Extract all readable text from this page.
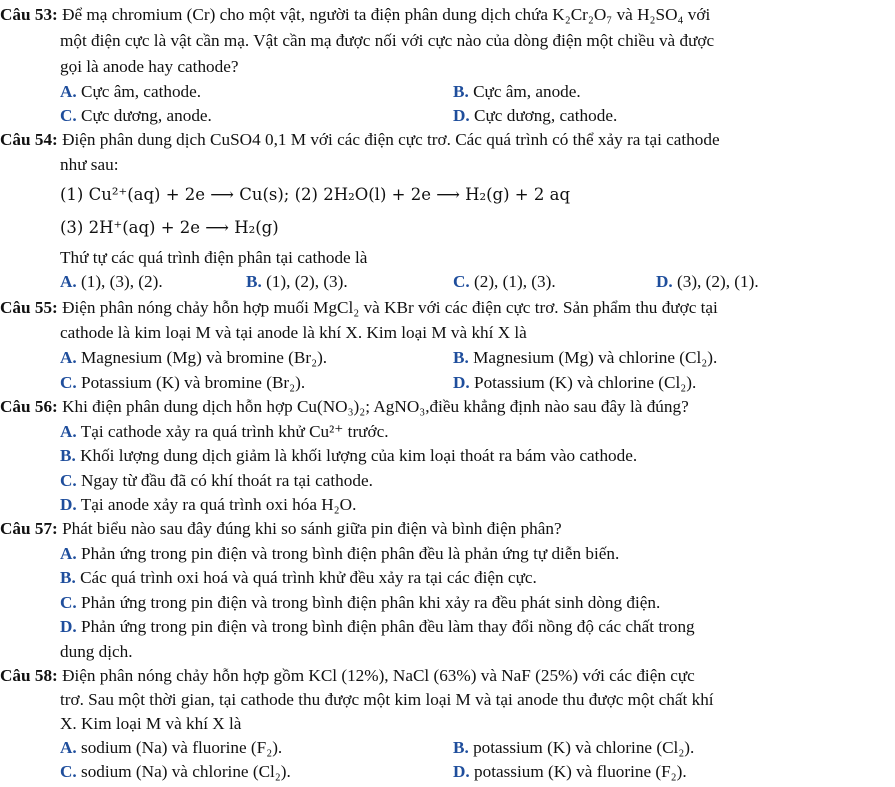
Câu 53: Để mạ chromium (Cr) cho một vật, người ta điện phân dung dịch chứa K₂Cr₂O₇ và H₂SO₄ với
một điện cực là vật cần mạ. Vật cần mạ được nối với cực nào của dòng điện một chiều và được
gọi là anode hay cathode?
A. Cực âm, cathode.	B. Cực âm, anode.
C. Cực dương, anode.	D. Cực dương, cathode.
Câu 54: Điện phân dung dịch CuSO4 0,1 M với các điện cực trơ. Các quá trình có thể xảy ra tại cathode
như sau:
(1) Cu²⁺(aq) + 2e ⟶ Cu(s); (2) 2H₂O(l) + 2e ⟶ H₂(g) + 2 aq
(3) 2H⁺(aq) + 2e ⟶ H₂(g)
Thứ tự các quá trình điện phân tại cathode là
A. (1), (3), (2).	B. (1), (2), (3).	C. (2), (1), (3).	D. (3), (2), (1).
Câu 55: Điện phân nóng chảy hỗn hợp muối MgCl₂ và KBr với các điện cực trơ. Sản phẩm thu được tại
cathode là kim loại M và tại anode là khí X. Kim loại M và khí X là
A. Magnesium (Mg) và bromine (Br₂).	B. Magnesium (Mg) và chlorine (Cl₂).
C. Potassium (K) và bromine (Br₂).	D. Potassium (K) và chlorine (Cl₂).
Câu 56: Khi điện phân dung dịch hỗn hợp Cu(NO₃)₂; AgNO₃,điều khẳng định nào sau đây là đúng?
A. Tại cathode xảy ra quá trình khử Cu²⁺ trước.
B. Khối lượng dung dịch giảm là khối lượng của kim loại thoát ra bám vào cathode.
C. Ngay từ đầu đã có khí thoát ra tại cathode.
D. Tại anode xảy ra quá trình oxi hóa H₂O.
Câu 57: Phát biểu nào sau đây đúng khi so sánh giữa pin điện và bình điện phân?
A. Phản ứng trong pin điện và trong bình điện phân đều là phản ứng tự diễn biến.
B. Các quá trình oxi hoá và quá trình khử đều xảy ra tại các điện cực.
C. Phản ứng trong pin điện và trong bình điện phân khi xảy ra đều phát sinh dòng điện.
D. Phản ứng trong pin điện và trong bình điện phân đều làm thay đổi nồng độ các chất trong
dung dịch.
Câu 58: Điện phân nóng chảy hỗn hợp gồm KCl (12%), NaCl (63%) và NaF (25%) với các điện cực
trơ. Sau một thời gian, tại cathode thu được một kim loại M và tại anode thu được một chất khí
X. Kim loại M và khí X là
A. sodium (Na) và fluorine (F₂).	B. potassium (K) và chlorine (Cl₂).
C. sodium (Na) và chlorine (Cl₂).	D. potassium (K) và fluorine (F₂).
